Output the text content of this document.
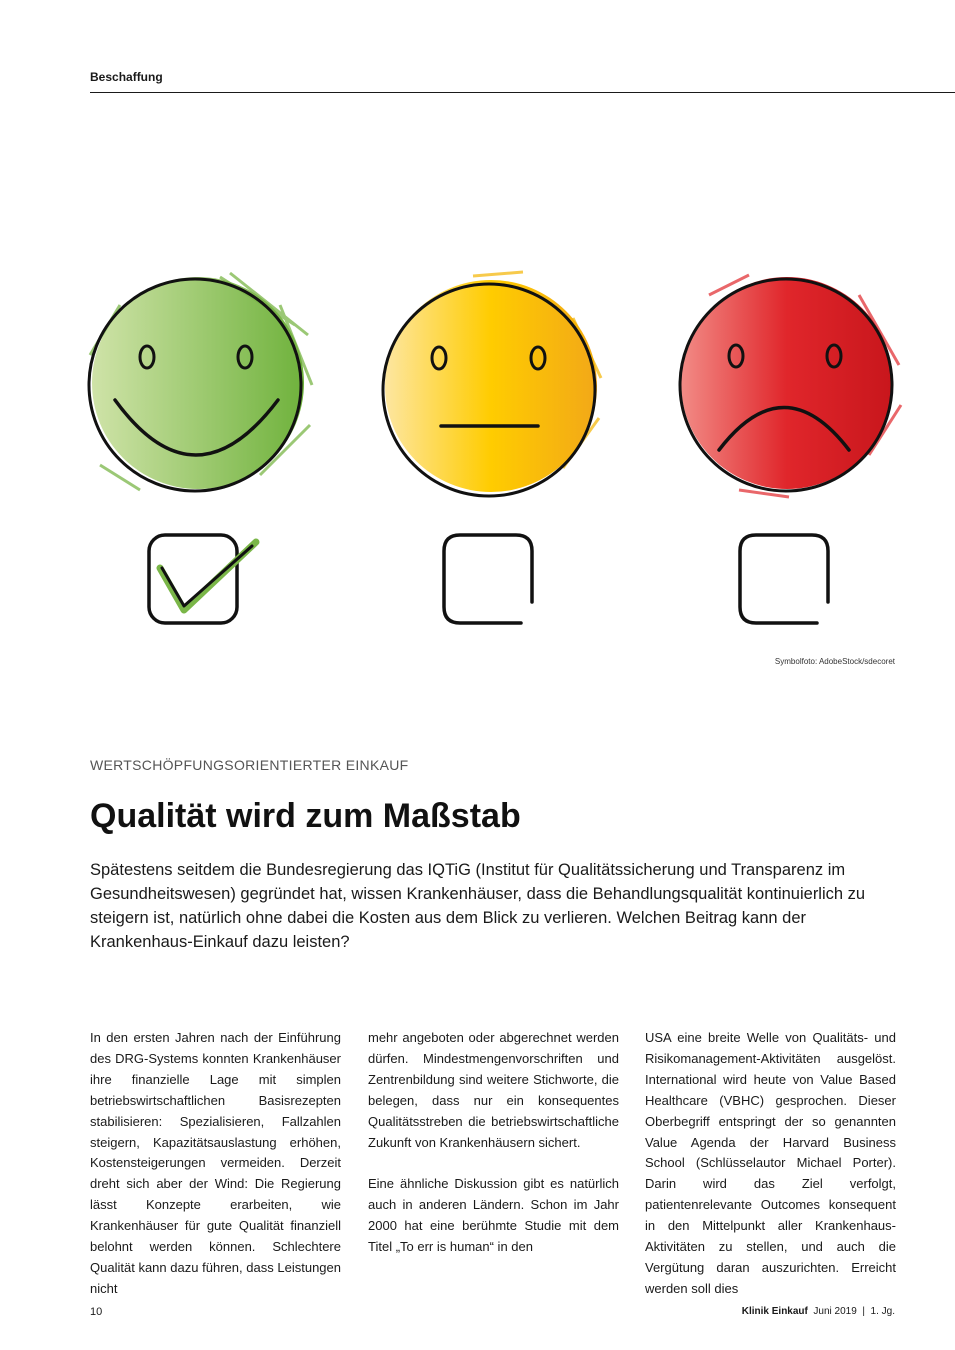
Beschaffung
Symbolfoto: AdobeStock/sdecoret
WERTSCHÖPFUNGSORIENTIERTER EINKAUF
Qualität wird zum Maßstab

Spätestens seitdem die Bundesregierung das IQTiG (Institut für Qualitätssicherung und Transparenz im Gesundheitswesen) gegründet hat, wissen Krankenhäuser, dass die Behandlungsqualität kontinuierlich zu steigern ist, natürlich ohne dabei die Kosten aus dem Blick zu verlieren. Welchen Beitrag kann der Krankenhaus-Einkauf dazu leisten?

In den ersten Jahren nach der Einführung des DRG-Systems konnten Krankenhäuser ihre finanzielle Lage mit simplen betriebswirtschaftlichen Basisrezepten stabilisieren: Spezialisieren, Fallzahlen steigern, Kapazitätsauslastung erhöhen, Kostensteigerungen vermeiden. Derzeit dreht sich aber der Wind: Die Regierung lässt Konzepte erarbeiten, wie Krankenhäuser für gute Qualität finanziell belohnt werden können. Schlechtere Qualität kann dazu führen, dass Leistungen nicht

mehr angeboten oder abgerechnet werden dürfen. Mindestmengenvorschriften und Zentrenbildung sind weitere Stichworte, die belegen, dass nur ein konsequentes Qualitätsstreben die betriebswirtschaftliche Zukunft von Krankenhäusern sichert.

Eine ähnliche Diskussion gibt es natürlich auch in anderen Ländern. Schon im Jahr 2000 hat eine berühmte Studie mit dem Titel „To err is human“ in den

USA eine breite Welle von Qualitäts- und Risikomanagement-Aktivitäten ausgelöst. International wird heute von Value Based Healthcare (VBHC) gesprochen. Dieser Oberbegriff entspringt der so genannten Value Agenda der Harvard Business School (Schlüsselautor Michael Porter). Darin wird das Ziel verfolgt, patientenrelevante Outcomes konsequent in den Mittelpunkt aller Krankenhaus-Aktivitäten zu stellen, und auch die Vergütung daran auszurichten. Erreicht werden soll dies

10	Klinik Einkauf Juni 2019 | 1. Jg.
